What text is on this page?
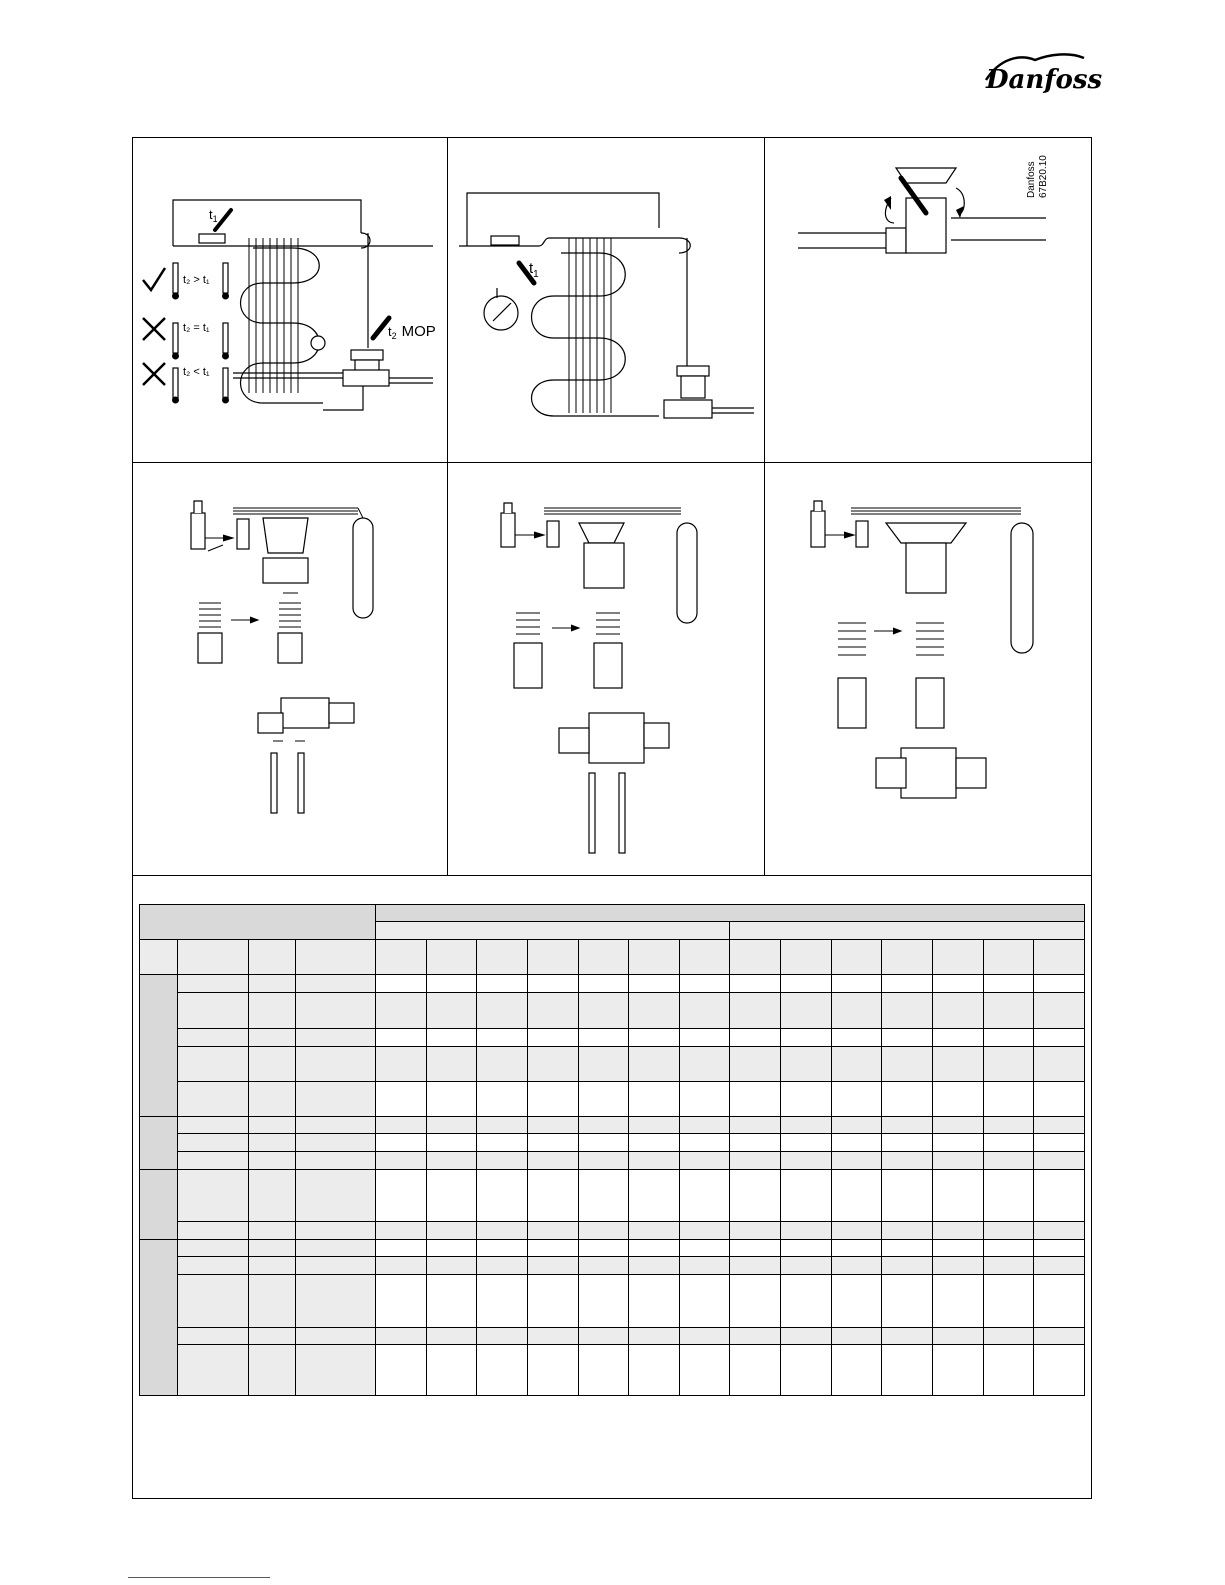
Danfoss
$t_1$
t₂ > t₁
t₂ = t₁
t₂ < t₁
$t_2$ MOP
$t_1$
Danfoss 67B20.10
